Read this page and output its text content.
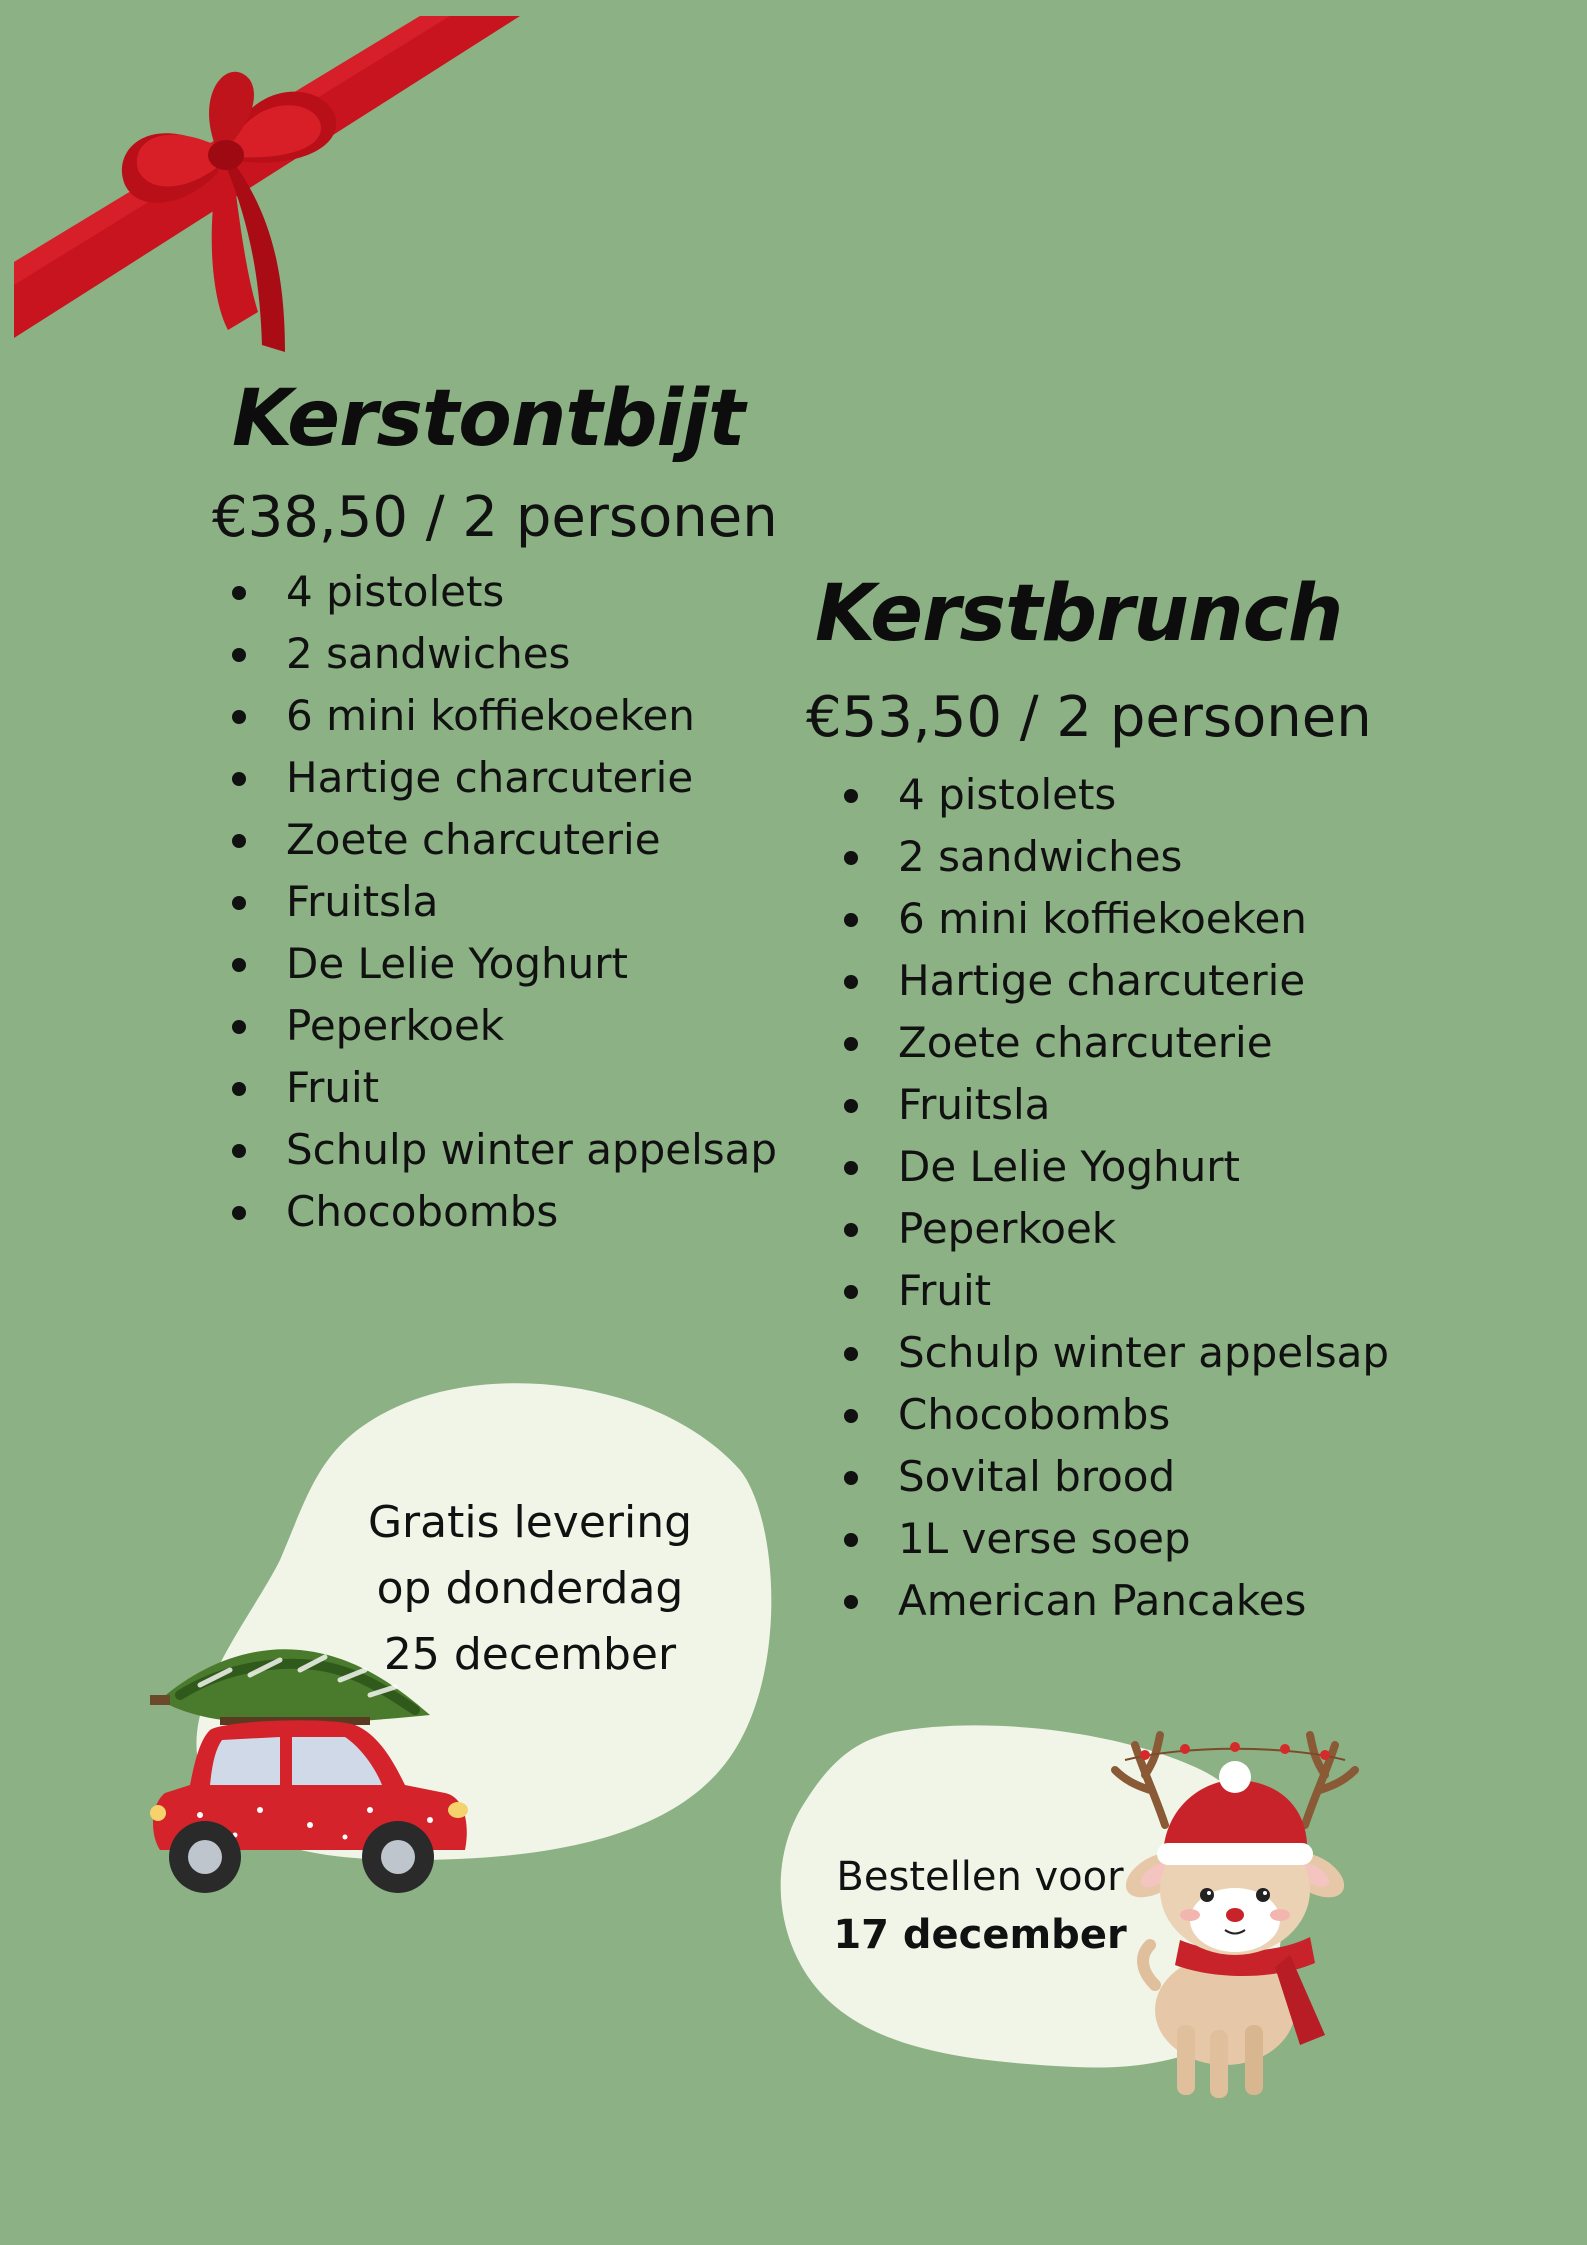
Kerstontbijt
€38,50 / 2 personen
4 pistolets
2 sandwiches
6 mini koffiekoeken
Hartige charcuterie
Zoete charcuterie
Fruitsla
De Lelie Yoghurt
Peperkoek
Fruit
Schulp winter appelsap
Chocobombs
Kerstbrunch
€53,50 / 2 personen
4 pistolets
2 sandwiches
6 mini koffiekoeken
Hartige charcuterie
Zoete charcuterie
Fruitsla
De Lelie Yoghurt
Peperkoek
Fruit
Schulp winter appelsap
Chocobombs
Sovital brood
1L verse soep
American Pancakes
Gratis levering
op donderdag
25 december
Bestellen voor
17 december
